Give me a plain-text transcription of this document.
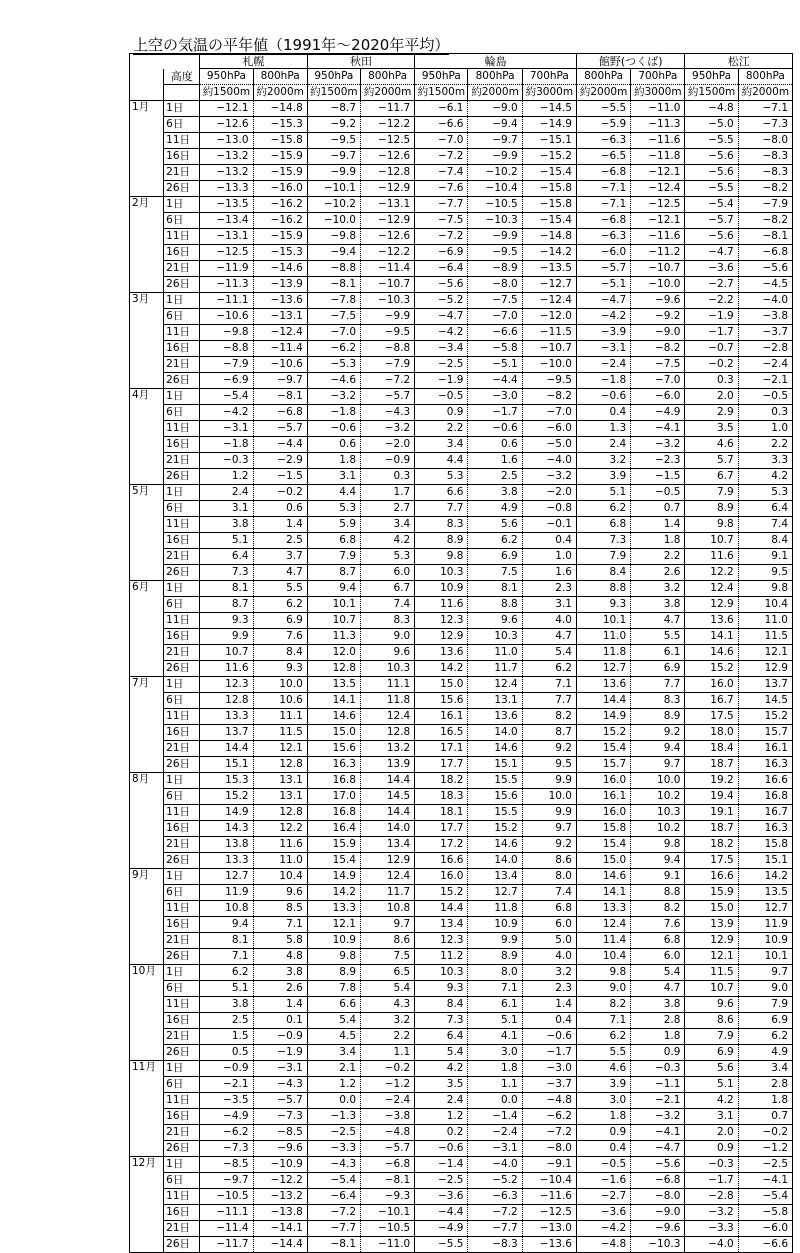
上空の気温の平年値（1991年～2020年平均）
		札幌		秋田		輪島			館野(つくば)		松江	
	高度	950hPa	800hPa	950hPa	800hPa	950hPa	800hPa	700hPa	800hPa	700hPa	950hPa	800hPa
		約1500m	約2000m	約1500m	約2000m	約1500m	約2000m	約3000m	約2000m	約3000m	約1500m	約2000m
1月	1日	−12.1	−14.8	−8.7	−11.7	−6.1	−9.0	−14.5	−5.5	−11.0	−4.8	−7.1
	6日	−12.6	−15.3	−9.2	−12.2	−6.6	−9.4	−14.9	−5.9	−11.3	−5.0	−7.3
	11日	−13.0	−15.8	−9.5	−12.5	−7.0	−9.7	−15.1	−6.3	−11.6	−5.5	−8.0
	16日	−13.2	−15.9	−9.7	−12.6	−7.2	−9.9	−15.2	−6.5	−11.8	−5.6	−8.3
	21日	−13.2	−15.9	−9.9	−12.8	−7.4	−10.2	−15.4	−6.8	−12.1	−5.6	−8.3
	26日	−13.3	−16.0	−10.1	−12.9	−7.6	−10.4	−15.8	−7.1	−12.4	−5.5	−8.2
2月	1日	−13.5	−16.2	−10.2	−13.1	−7.7	−10.5	−15.8	−7.1	−12.5	−5.4	−7.9
	6日	−13.4	−16.2	−10.0	−12.9	−7.5	−10.3	−15.4	−6.8	−12.1	−5.7	−8.2
	11日	−13.1	−15.9	−9.8	−12.6	−7.2	−9.9	−14.8	−6.3	−11.6	−5.6	−8.1
	16日	−12.5	−15.3	−9.4	−12.2	−6.9	−9.5	−14.2	−6.0	−11.2	−4.7	−6.8
	21日	−11.9	−14.6	−8.8	−11.4	−6.4	−8.9	−13.5	−5.7	−10.7	−3.6	−5.6
	26日	−11.3	−13.9	−8.1	−10.7	−5.6	−8.0	−12.7	−5.1	−10.0	−2.7	−4.5
3月	1日	−11.1	−13.6	−7.8	−10.3	−5.2	−7.5	−12.4	−4.7	−9.6	−2.2	−4.0
	6日	−10.6	−13.1	−7.5	−9.9	−4.7	−7.0	−12.0	−4.2	−9.2	−1.9	−3.8
	11日	−9.8	−12.4	−7.0	−9.5	−4.2	−6.6	−11.5	−3.9	−9.0	−1.7	−3.7
	16日	−8.8	−11.4	−6.2	−8.8	−3.4	−5.8	−10.7	−3.1	−8.2	−0.7	−2.8
	21日	−7.9	−10.6	−5.3	−7.9	−2.5	−5.1	−10.0	−2.4	−7.5	−0.2	−2.4
	26日	−6.9	−9.7	−4.6	−7.2	−1.9	−4.4	−9.5	−1.8	−7.0	0.3	−2.1
4月	1日	−5.4	−8.1	−3.2	−5.7	−0.5	−3.0	−8.2	−0.6	−6.0	2.0	−0.5
	6日	−4.2	−6.8	−1.8	−4.3	0.9	−1.7	−7.0	0.4	−4.9	2.9	0.3
	11日	−3.1	−5.7	−0.6	−3.2	2.2	−0.6	−6.0	1.3	−4.1	3.5	1.0
	16日	−1.8	−4.4	0.6	−2.0	3.4	0.6	−5.0	2.4	−3.2	4.6	2.2
	21日	−0.3	−2.9	1.8	−0.9	4.4	1.6	−4.0	3.2	−2.3	5.7	3.3
	26日	1.2	−1.5	3.1	0.3	5.3	2.5	−3.2	3.9	−1.5	6.7	4.2
5月	1日	2.4	−0.2	4.4	1.7	6.6	3.8	−2.0	5.1	−0.5	7.9	5.3
	6日	3.1	0.6	5.3	2.7	7.7	4.9	−0.8	6.2	0.7	8.9	6.4
	11日	3.8	1.4	5.9	3.4	8.3	5.6	−0.1	6.8	1.4	9.8	7.4
	16日	5.1	2.5	6.8	4.2	8.9	6.2	0.4	7.3	1.8	10.7	8.4
	21日	6.4	3.7	7.9	5.3	9.8	6.9	1.0	7.9	2.2	11.6	9.1
	26日	7.3	4.7	8.7	6.0	10.3	7.5	1.6	8.4	2.6	12.2	9.5
6月	1日	8.1	5.5	9.4	6.7	10.9	8.1	2.3	8.8	3.2	12.4	9.8
	6日	8.7	6.2	10.1	7.4	11.6	8.8	3.1	9.3	3.8	12.9	10.4
	11日	9.3	6.9	10.7	8.3	12.3	9.6	4.0	10.1	4.7	13.6	11.0
	16日	9.9	7.6	11.3	9.0	12.9	10.3	4.7	11.0	5.5	14.1	11.5
	21日	10.7	8.4	12.0	9.6	13.6	11.0	5.4	11.8	6.1	14.6	12.1
	26日	11.6	9.3	12.8	10.3	14.2	11.7	6.2	12.7	6.9	15.2	12.9
7月	1日	12.3	10.0	13.5	11.1	15.0	12.4	7.1	13.6	7.7	16.0	13.7
	6日	12.8	10.6	14.1	11.8	15.6	13.1	7.7	14.4	8.3	16.7	14.5
	11日	13.3	11.1	14.6	12.4	16.1	13.6	8.2	14.9	8.9	17.5	15.2
	16日	13.7	11.5	15.0	12.8	16.5	14.0	8.7	15.2	9.2	18.0	15.7
	21日	14.4	12.1	15.6	13.2	17.1	14.6	9.2	15.4	9.4	18.4	16.1
	26日	15.1	12.8	16.3	13.9	17.7	15.1	9.5	15.7	9.7	18.7	16.3
8月	1日	15.3	13.1	16.8	14.4	18.2	15.5	9.9	16.0	10.0	19.2	16.6
	6日	15.2	13.1	17.0	14.5	18.3	15.6	10.0	16.1	10.2	19.4	16.8
	11日	14.9	12.8	16.8	14.4	18.1	15.5	9.9	16.0	10.3	19.1	16.7
	16日	14.3	12.2	16.4	14.0	17.7	15.2	9.7	15.8	10.2	18.7	16.3
	21日	13.8	11.6	15.9	13.4	17.2	14.6	9.2	15.4	9.8	18.2	15.8
	26日	13.3	11.0	15.4	12.9	16.6	14.0	8.6	15.0	9.4	17.5	15.1
9月	1日	12.7	10.4	14.9	12.4	16.0	13.4	8.0	14.6	9.1	16.6	14.2
	6日	11.9	9.6	14.2	11.7	15.2	12.7	7.4	14.1	8.8	15.9	13.5
	11日	10.8	8.5	13.3	10.8	14.4	11.8	6.8	13.3	8.2	15.0	12.7
	16日	9.4	7.1	12.1	9.7	13.4	10.9	6.0	12.4	7.6	13.9	11.9
	21日	8.1	5.8	10.9	8.6	12.3	9.9	5.0	11.4	6.8	12.9	10.9
	26日	7.1	4.8	9.8	7.5	11.2	8.9	4.0	10.4	6.0	12.1	10.1
10月	1日	6.2	3.8	8.9	6.5	10.3	8.0	3.2	9.8	5.4	11.5	9.7
	6日	5.1	2.6	7.8	5.4	9.3	7.1	2.3	9.0	4.7	10.7	9.0
	11日	3.8	1.4	6.6	4.3	8.4	6.1	1.4	8.2	3.8	9.6	7.9
	16日	2.5	0.1	5.4	3.2	7.3	5.1	0.4	7.1	2.8	8.6	6.9
	21日	1.5	−0.9	4.5	2.2	6.4	4.1	−0.6	6.2	1.8	7.9	6.2
	26日	0.5	−1.9	3.4	1.1	5.4	3.0	−1.7	5.5	0.9	6.9	4.9
11月	1日	−0.9	−3.1	2.1	−0.2	4.2	1.8	−3.0	4.6	−0.3	5.6	3.4
	6日	−2.1	−4.3	1.2	−1.2	3.5	1.1	−3.7	3.9	−1.1	5.1	2.8
	11日	−3.5	−5.7	0.0	−2.4	2.4	0.0	−4.8	3.0	−2.1	4.2	1.8
	16日	−4.9	−7.3	−1.3	−3.8	1.2	−1.4	−6.2	1.8	−3.2	3.1	0.7
	21日	−6.2	−8.5	−2.5	−4.8	0.2	−2.4	−7.2	0.9	−4.1	2.0	−0.2
	26日	−7.3	−9.6	−3.3	−5.7	−0.6	−3.1	−8.0	0.4	−4.7	0.9	−1.2
12月	1日	−8.5	−10.9	−4.3	−6.8	−1.4	−4.0	−9.1	−0.5	−5.6	−0.3	−2.5
	6日	−9.7	−12.2	−5.4	−8.1	−2.5	−5.2	−10.4	−1.6	−6.8	−1.7	−4.1
	11日	−10.5	−13.2	−6.4	−9.3	−3.6	−6.3	−11.6	−2.7	−8.0	−2.8	−5.4
	16日	−11.1	−13.8	−7.2	−10.1	−4.4	−7.2	−12.5	−3.6	−9.0	−3.2	−5.8
	21日	−11.4	−14.1	−7.7	−10.5	−4.9	−7.7	−13.0	−4.2	−9.6	−3.3	−6.0
	26日	−11.7	−14.4	−8.1	−11.0	−5.5	−8.3	−13.6	−4.8	−10.3	−4.0	−6.6
